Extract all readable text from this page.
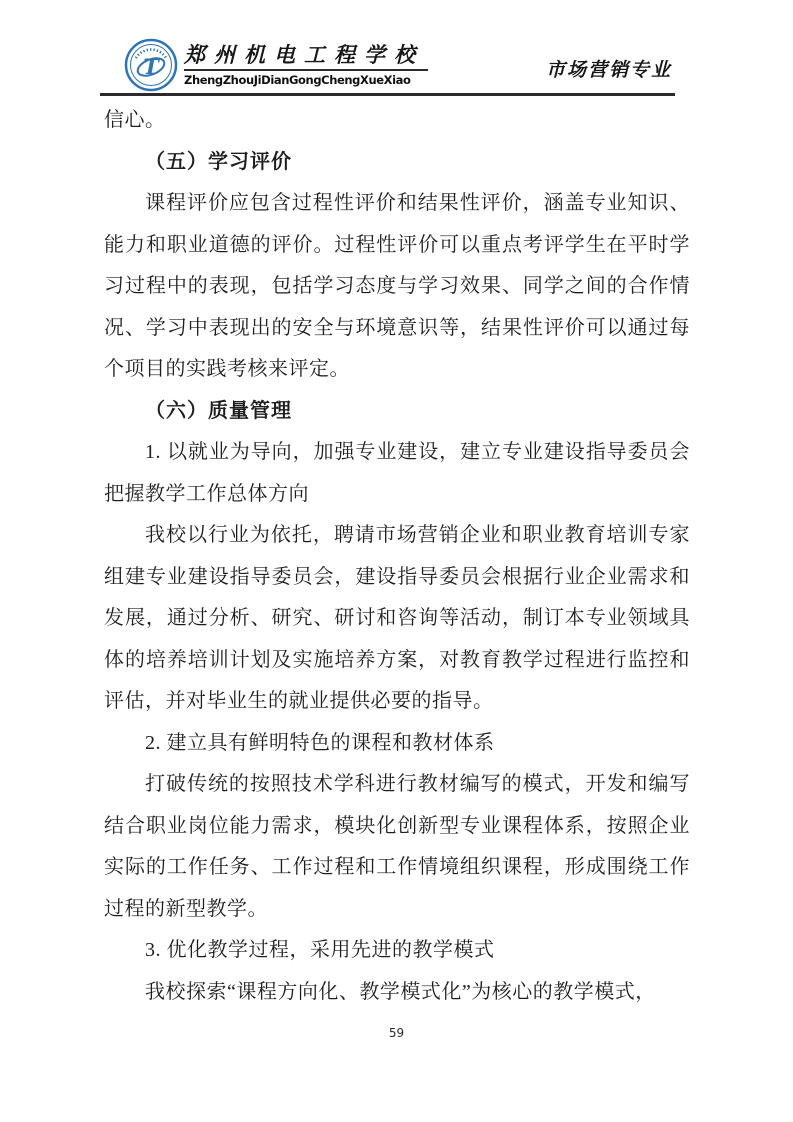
T 郑州机电工程学校
ZhengZhouJiDianGongChengXueXiao	市场营销专业
信心。
（五）学习评价
课程评价应包含过程性评价和结果性评价，涵盖专业知识、
能力和职业道德的评价。过程性评价可以重点考评学生在平时学
习过程中的表现，包括学习态度与学习效果、同学之间的合作情
况、学习中表现出的安全与环境意识等，结果性评价可以通过每
个项目的实践考核来评定。
（六）质量管理
1. 以就业为导向，加强专业建设，建立专业建设指导委员会
把握教学工作总体方向
我校以行业为依托，聘请市场营销企业和职业教育培训专家
组建专业建设指导委员会，建设指导委员会根据行业企业需求和
发展，通过分析、研究、研讨和咨询等活动，制订本专业领域具
体的培养培训计划及实施培养方案，对教育教学过程进行监控和
评估，并对毕业生的就业提供必要的指导。
2. 建立具有鲜明特色的课程和教材体系
打破传统的按照技术学科进行教材编写的模式，开发和编写
结合职业岗位能力需求，模块化创新型专业课程体系，按照企业
实际的工作任务、工作过程和工作情境组织课程，形成围绕工作
过程的新型教学。
3. 优化教学过程，采用先进的教学模式
我校探索“课程方向化、教学模式化”为核心的教学模式，
59
